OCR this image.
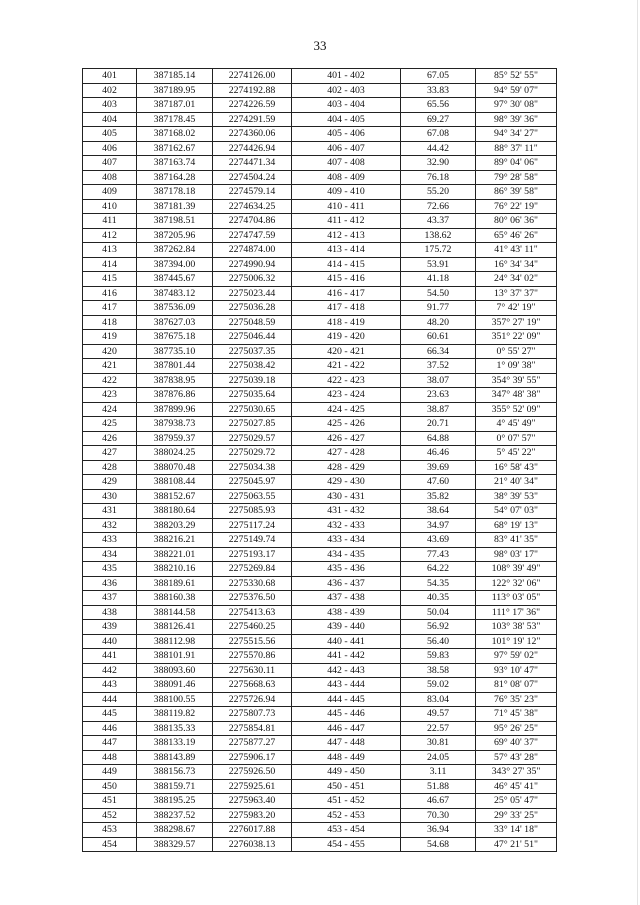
33
401	387185.14	2274126.00	401 - 402	67.05	85° 52' 55"
402	387189.95	2274192.88	402 - 403	33.83	94° 59' 07"
403	387187.01	2274226.59	403 - 404	65.56	97° 30' 08"
404	387178.45	2274291.59	404 - 405	69.27	98° 39' 36"
405	387168.02	2274360.06	405 - 406	67.08	94° 34' 27"
406	387162.67	2274426.94	406 - 407	44.42	88° 37' 11"
407	387163.74	2274471.34	407 - 408	32.90	89° 04' 06"
408	387164.28	2274504.24	408 - 409	76.18	79° 28' 58"
409	387178.18	2274579.14	409 - 410	55.20	86° 39' 58"
410	387181.39	2274634.25	410 - 411	72.66	76° 22' 19"
411	387198.51	2274704.86	411 - 412	43.37	80° 06' 36"
412	387205.96	2274747.59	412 - 413	138.62	65° 46' 26"
413	387262.84	2274874.00	413 - 414	175.72	41° 43' 11"
414	387394.00	2274990.94	414 - 415	53.91	16° 34' 34"
415	387445.67	2275006.32	415 - 416	41.18	24° 34' 02"
416	387483.12	2275023.44	416 - 417	54.50	13° 37' 37"
417	387536.09	2275036.28	417 - 418	91.77	7° 42' 19"
418	387627.03	2275048.59	418 - 419	48.20	357° 27' 19"
419	387675.18	2275046.44	419 - 420	60.61	351° 22' 09"
420	387735.10	2275037.35	420 - 421	66.34	0° 55' 27"
421	387801.44	2275038.42	421 - 422	37.52	1° 09' 38"
422	387838.95	2275039.18	422 - 423	38.07	354° 39' 55"
423	387876.86	2275035.64	423 - 424	23.63	347° 48' 38"
424	387899.96	2275030.65	424 - 425	38.87	355° 52' 09"
425	387938.73	2275027.85	425 - 426	20.71	4° 45' 49"
426	387959.37	2275029.57	426 - 427	64.88	0° 07' 57"
427	388024.25	2275029.72	427 - 428	46.46	5° 45' 22"
428	388070.48	2275034.38	428 - 429	39.69	16° 58' 43"
429	388108.44	2275045.97	429 - 430	47.60	21° 40' 34"
430	388152.67	2275063.55	430 - 431	35.82	38° 39' 53"
431	388180.64	2275085.93	431 - 432	38.64	54° 07' 03"
432	388203.29	2275117.24	432 - 433	34.97	68° 19' 13"
433	388216.21	2275149.74	433 - 434	43.69	83° 41' 35"
434	388221.01	2275193.17	434 - 435	77.43	98° 03' 17"
435	388210.16	2275269.84	435 - 436	64.22	108° 39' 49"
436	388189.61	2275330.68	436 - 437	54.35	122° 32' 06"
437	388160.38	2275376.50	437 - 438	40.35	113° 03' 05"
438	388144.58	2275413.63	438 - 439	50.04	111° 17' 36"
439	388126.41	2275460.25	439 - 440	56.92	103° 38' 53"
440	388112.98	2275515.56	440 - 441	56.40	101° 19' 12"
441	388101.91	2275570.86	441 - 442	59.83	97° 59' 02"
442	388093.60	2275630.11	442 - 443	38.58	93° 10' 47"
443	388091.46	2275668.63	443 - 444	59.02	81° 08' 07"
444	388100.55	2275726.94	444 - 445	83.04	76° 35' 23"
445	388119.82	2275807.73	445 - 446	49.57	71° 45' 38"
446	388135.33	2275854.81	446 - 447	22.57	95° 26' 25"
447	388133.19	2275877.27	447 - 448	30.81	69° 40' 37"
448	388143.89	2275906.17	448 - 449	24.05	57° 43' 28"
449	388156.73	2275926.50	449 - 450	3.11	343° 27' 35"
450	388159.71	2275925.61	450 - 451	51.88	46° 45' 41"
451	388195.25	2275963.40	451 - 452	46.67	25° 05' 47"
452	388237.52	2275983.20	452 - 453	70.30	29° 33' 25"
453	388298.67	2276017.88	453 - 454	36.94	33° 14' 18"
454	388329.57	2276038.13	454 - 455	54.68	47° 21' 51"
